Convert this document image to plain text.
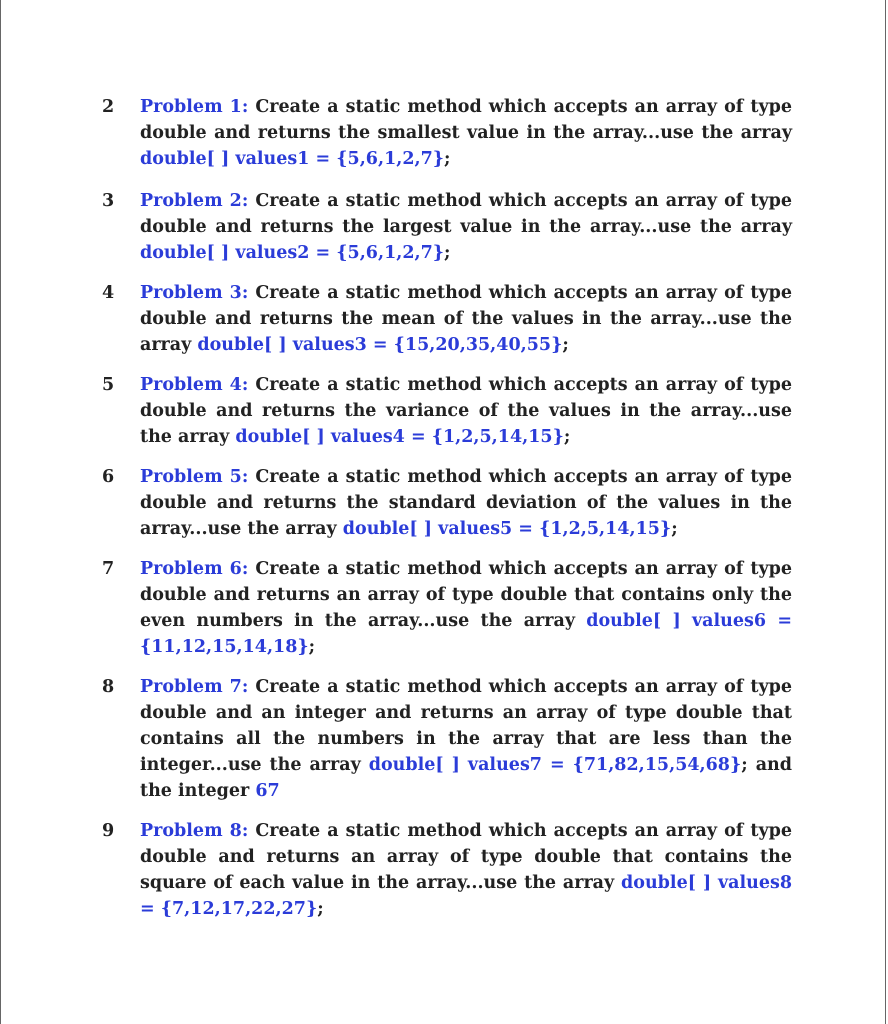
2	Problem 1: Create a static method which accepts an array of type double and returns the smallest value in the array...use the array double[ ] values1 = {5,6,1,2,7};
3	Problem 2: Create a static method which accepts an array of type double and returns the largest value in the array...use the array double[ ] values2 = {5,6,1,2,7};
4	Problem 3: Create a static method which accepts an array of type double and returns the mean of the values in the array...use the array double[ ] values3 = {15,20,35,40,55};
5	Problem 4: Create a static method which accepts an array of type double and returns the variance of the values in the array...use the array double[ ] values4 = {1,2,5,14,15};
6	Problem 5: Create a static method which accepts an array of type double and returns the standard deviation of the values in the array...use the array double[ ] values5 = {1,2,5,14,15};
7	Problem 6: Create a static method which accepts an array of type double and returns an array of type double that contains only the even numbers in the array...use the array double[ ] values6 = {11,12,15,14,18};
8	Problem 7: Create a static method which accepts an array of type double and an integer and returns an array of type double that contains all the numbers in the array that are less than the integer...use the array double[ ] values7 = {71,82,15,54,68}; and the integer 67
9	Problem 8: Create a static method which accepts an array of type double and returns an array of type double that contains the square of each value in the array...use the array double[ ] values8 = {7,12,17,22,27};
